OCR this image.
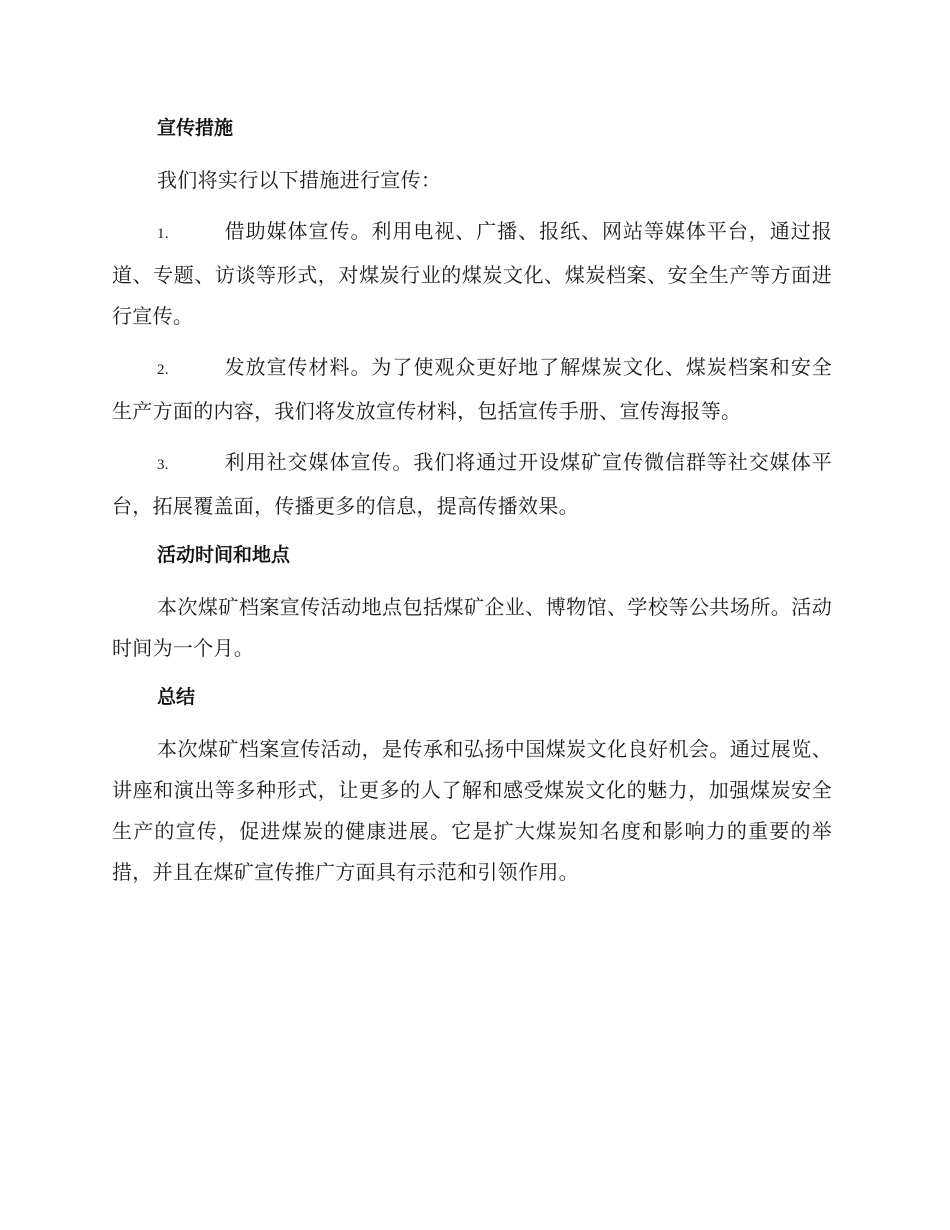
宣传措施

我们将实行以下措施进行宣传：

1.	借助媒体宣传。利用电视、广播、报纸、网站等媒体平台，通过报道、专题、访谈等形式，对煤炭行业的煤炭文化、煤炭档案、安全生产等方面进行宣传。
2.	发放宣传材料。为了使观众更好地了解煤炭文化、煤炭档案和安全生产方面的内容，我们将发放宣传材料，包括宣传手册、宣传海报等。
3.	利用社交媒体宣传。我们将通过开设煤矿宣传微信群等社交媒体平台，拓展覆盖面，传播更多的信息，提高传播效果。
活动时间和地点

本次煤矿档案宣传活动地点包括煤矿企业、博物馆、学校等公共场所。活动时间为一个月。

总结

本次煤矿档案宣传活动，是传承和弘扬中国煤炭文化良好机会。通过展览、讲座和演出等多种形式，让更多的人了解和感受煤炭文化的魅力，加强煤炭安全生产的宣传，促进煤炭的健康进展。它是扩大煤炭知名度和影响力的重要的举措，并且在煤矿宣传推广方面具有示范和引领作用。
